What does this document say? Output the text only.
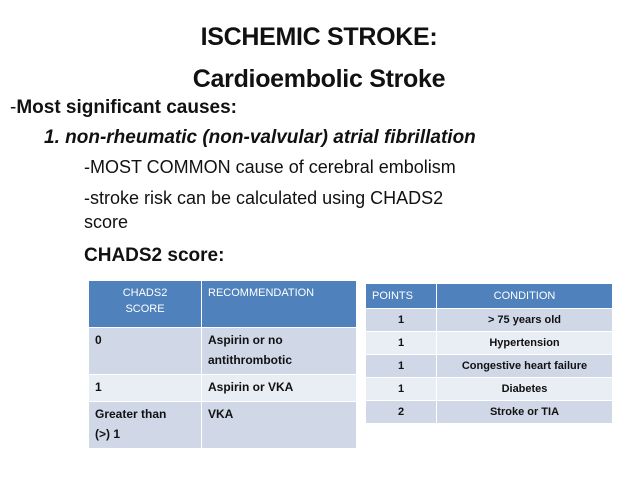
ISCHEMIC STROKE:
Cardioembolic Stroke
-Most significant causes:
1. non-rheumatic (non-valvular) atrial fibrillation
-MOST COMMON cause of cerebral embolism
-stroke risk can be calculated using CHADS2
score
CHADS2 score:
CHADS2
SCORE	RECOMMENDATION
0	Aspirin or no
antithrombotic
1	Aspirin or VKA
Greater than
(>) 1	VKA
POINTS	CONDITION
1	> 75 years old
1	Hypertension
1	Congestive heart failure
1	Diabetes
2	Stroke or TIA
